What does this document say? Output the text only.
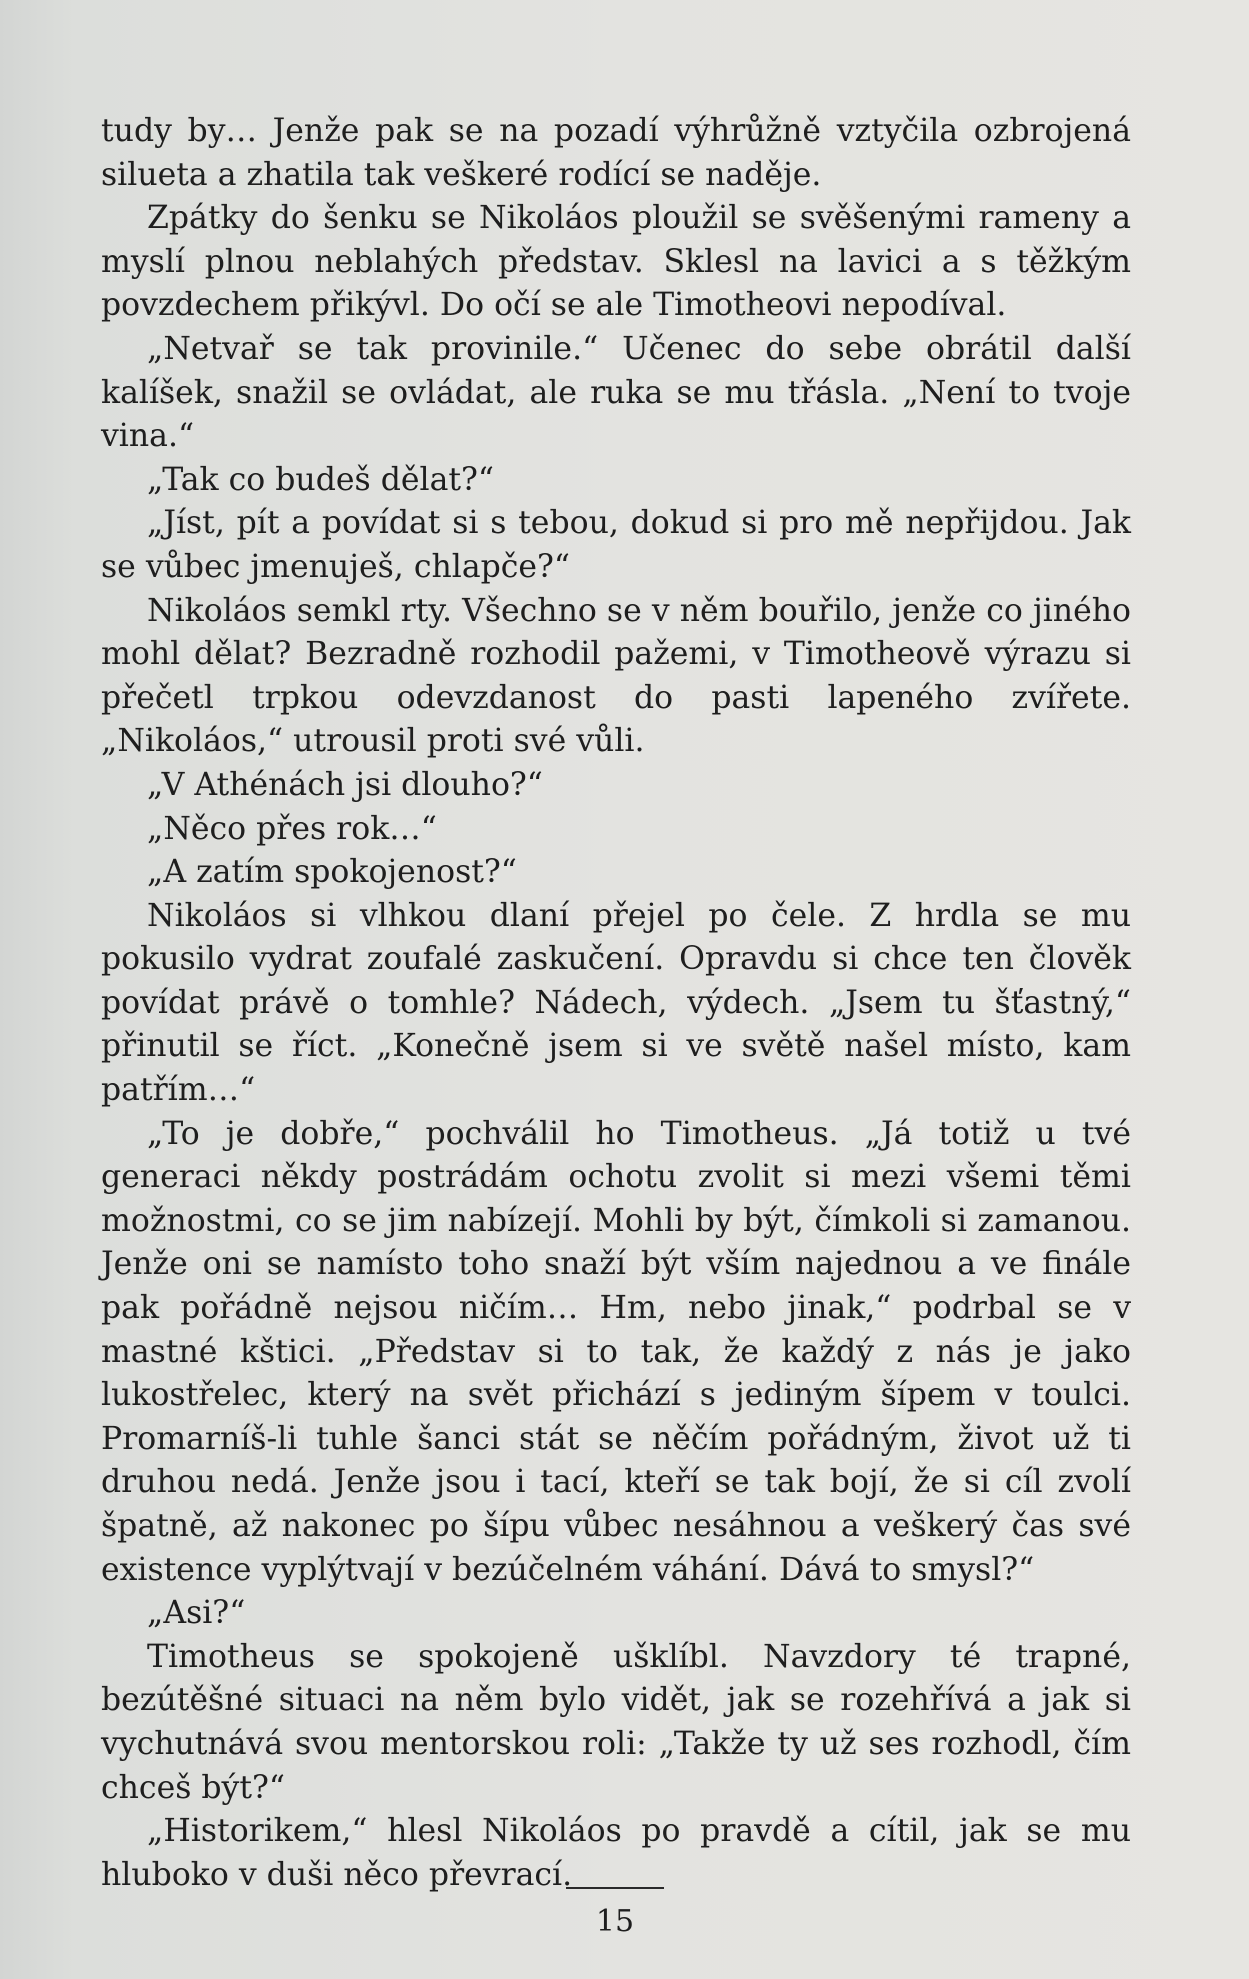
tudy by… Jenže pak se na pozadí výhrůžně vztyčila ozbrojená silueta a zhatila tak veškeré rodící se naděje.

Zpátky do šenku se Nikoláos ploužil se svěšenými rameny a myslí plnou neblahých představ. Sklesl na lavici a s těžkým povzdechem přikývl. Do očí se ale Timotheovi nepodíval.

„Netvař se tak provinile.“ Učenec do sebe obrátil další kalíšek, snažil se ovládat, ale ruka se mu třásla. „Není to tvoje vina.“

„Tak co budeš dělat?“

„Jíst, pít a povídat si s tebou, dokud si pro mě nepřijdou. Jak se vůbec jmenuješ, chlapče?“

Nikoláos semkl rty. Všechno se v něm bouřilo, jenže co jiného mohl dělat? Bezradně rozhodil pažemi, v Timotheově výrazu si přečetl trpkou odevzdanost do pasti lapeného zvířete. „Nikoláos,“ utrousil proti své vůli.

„V Athénách jsi dlouho?“

„Něco přes rok…“

„A zatím spokojenost?“

Nikoláos si vlhkou dlaní přejel po čele. Z hrdla se mu pokusilo vydrat zoufalé zaskučení. Opravdu si chce ten člověk povídat právě o tomhle? Nádech, výdech. „Jsem tu šťastný,“ přinutil se říct. „Konečně jsem si ve světě našel místo, kam patřím…“

„To je dobře,“ pochválil ho Timotheus. „Já totiž u tvé generaci někdy postrádám ochotu zvolit si mezi všemi těmi možnostmi, co se jim nabízejí. Mohli by být, čímkoli si zamanou. Jenže oni se namísto toho snaží být vším najednou a ve finále pak pořádně nejsou ničím… Hm, nebo jinak,“ podrbal se v mastné kštici. „Představ si to tak, že každý z nás je jako lukostřelec, který na svět přichází s jediným šípem v toulci. Promarníš-li tuhle šanci stát se něčím pořádným, život už ti druhou nedá. Jenže jsou i tací, kteří se tak bojí, že si cíl zvolí špatně, až nakonec po šípu vůbec nesáhnou a veškerý čas své existence vyplýtvají v bezúčelném váhání. Dává to smysl?“

„Asi?“

Timotheus se spokojeně ušklíbl. Navzdory té trapné, bezútěšné situaci na něm bylo vidět, jak se rozehřívá a jak si vychutnává svou mentorskou roli: „Takže ty už ses rozhodl, čím chceš být?“

„Historikem,“ hlesl Nikoláos po pravdě a cítil, jak se mu hluboko v duši něco převrací.

15
